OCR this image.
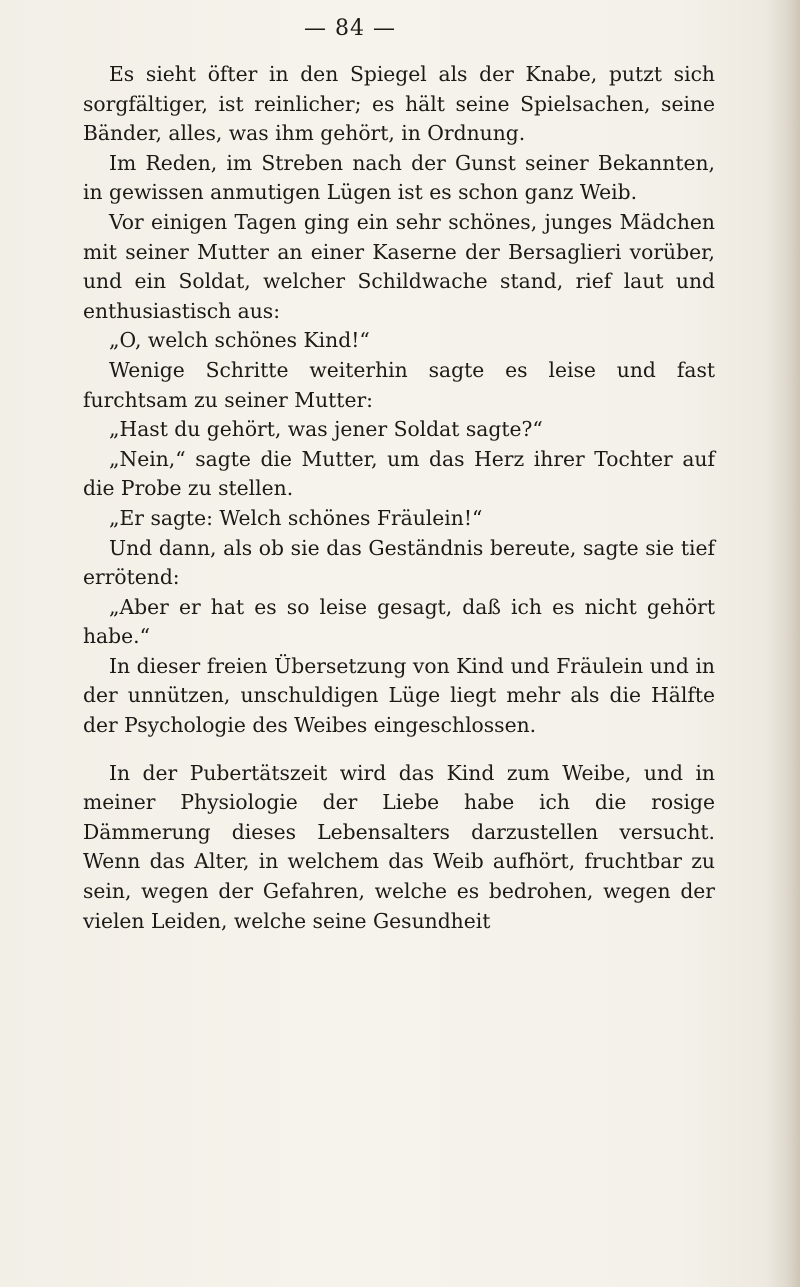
— 84 —

Es sieht öfter in den Spiegel als der Knabe, putzt sich sorgfältiger, ist reinlicher; es hält seine Spielsachen, seine Bänder, alles, was ihm gehört, in Ordnung.

Im Reden, im Streben nach der Gunst seiner Bekannten, in gewissen anmutigen Lügen ist es schon ganz Weib.

Vor einigen Tagen ging ein sehr schönes, junges Mädchen mit seiner Mutter an einer Kaserne der Bersaglieri vorüber, und ein Soldat, welcher Schildwache stand, rief laut und enthusiastisch aus:

„O, welch schönes Kind!“

Wenige Schritte weiterhin sagte es leise und fast furchtsam zu seiner Mutter:

„Hast du gehört, was jener Soldat sagte?“

„Nein,“ sagte die Mutter, um das Herz ihrer Tochter auf die Probe zu stellen.

„Er sagte: Welch schönes Fräulein!“

Und dann, als ob sie das Geständnis bereute, sagte sie tief errötend:

„Aber er hat es so leise gesagt, daß ich es nicht gehört habe.“

In dieser freien Übersetzung von Kind und Fräulein und in der unnützen, unschuldigen Lüge liegt mehr als die Hälfte der Psychologie des Weibes eingeschlossen.

In der Pubertätszeit wird das Kind zum Weibe, und in meiner Physiologie der Liebe habe ich die rosige Dämmerung dieses Lebensalters darzustellen versucht. Wenn das Alter, in welchem das Weib aufhört, fruchtbar zu sein, wegen der Gefahren, welche es bedrohen, wegen der vielen Leiden, welche seine Gesundheit
